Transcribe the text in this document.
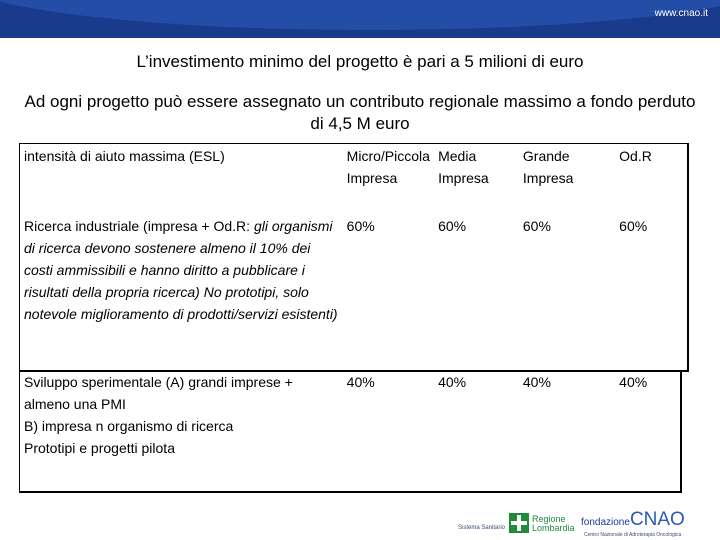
www.cnao.it
L’investimento minimo del progetto è pari a 5 milioni di euro
Ad ogni progetto può essere assegnato un contributo regionale massimo a fondo perduto di 4,5 M euro
intensità di aiuto massima (ESL)	Micro/Piccola Impresa	Media Impresa	Grande Impresa	Od.R
Ricerca industriale (impresa + Od.R: gli organismi di ricerca devono sostenere almeno il 10% dei costi ammissibili e hanno diritto a pubblicare i risultati della propria ricerca) No prototipi, solo notevole miglioramento di prodotti/servizi esistenti)	60%	60%	60%	60%
Sviluppo sperimentale (A) grandi imprese + almeno una PMI
B) impresa n organismo di ricerca
Prototipi e progetti pilota	40%	40%	40%	40%
Sistema Sanitario
Regione Lombardia fondazioneCNAO
Centro Nazionale di Adroterapia Oncologica
